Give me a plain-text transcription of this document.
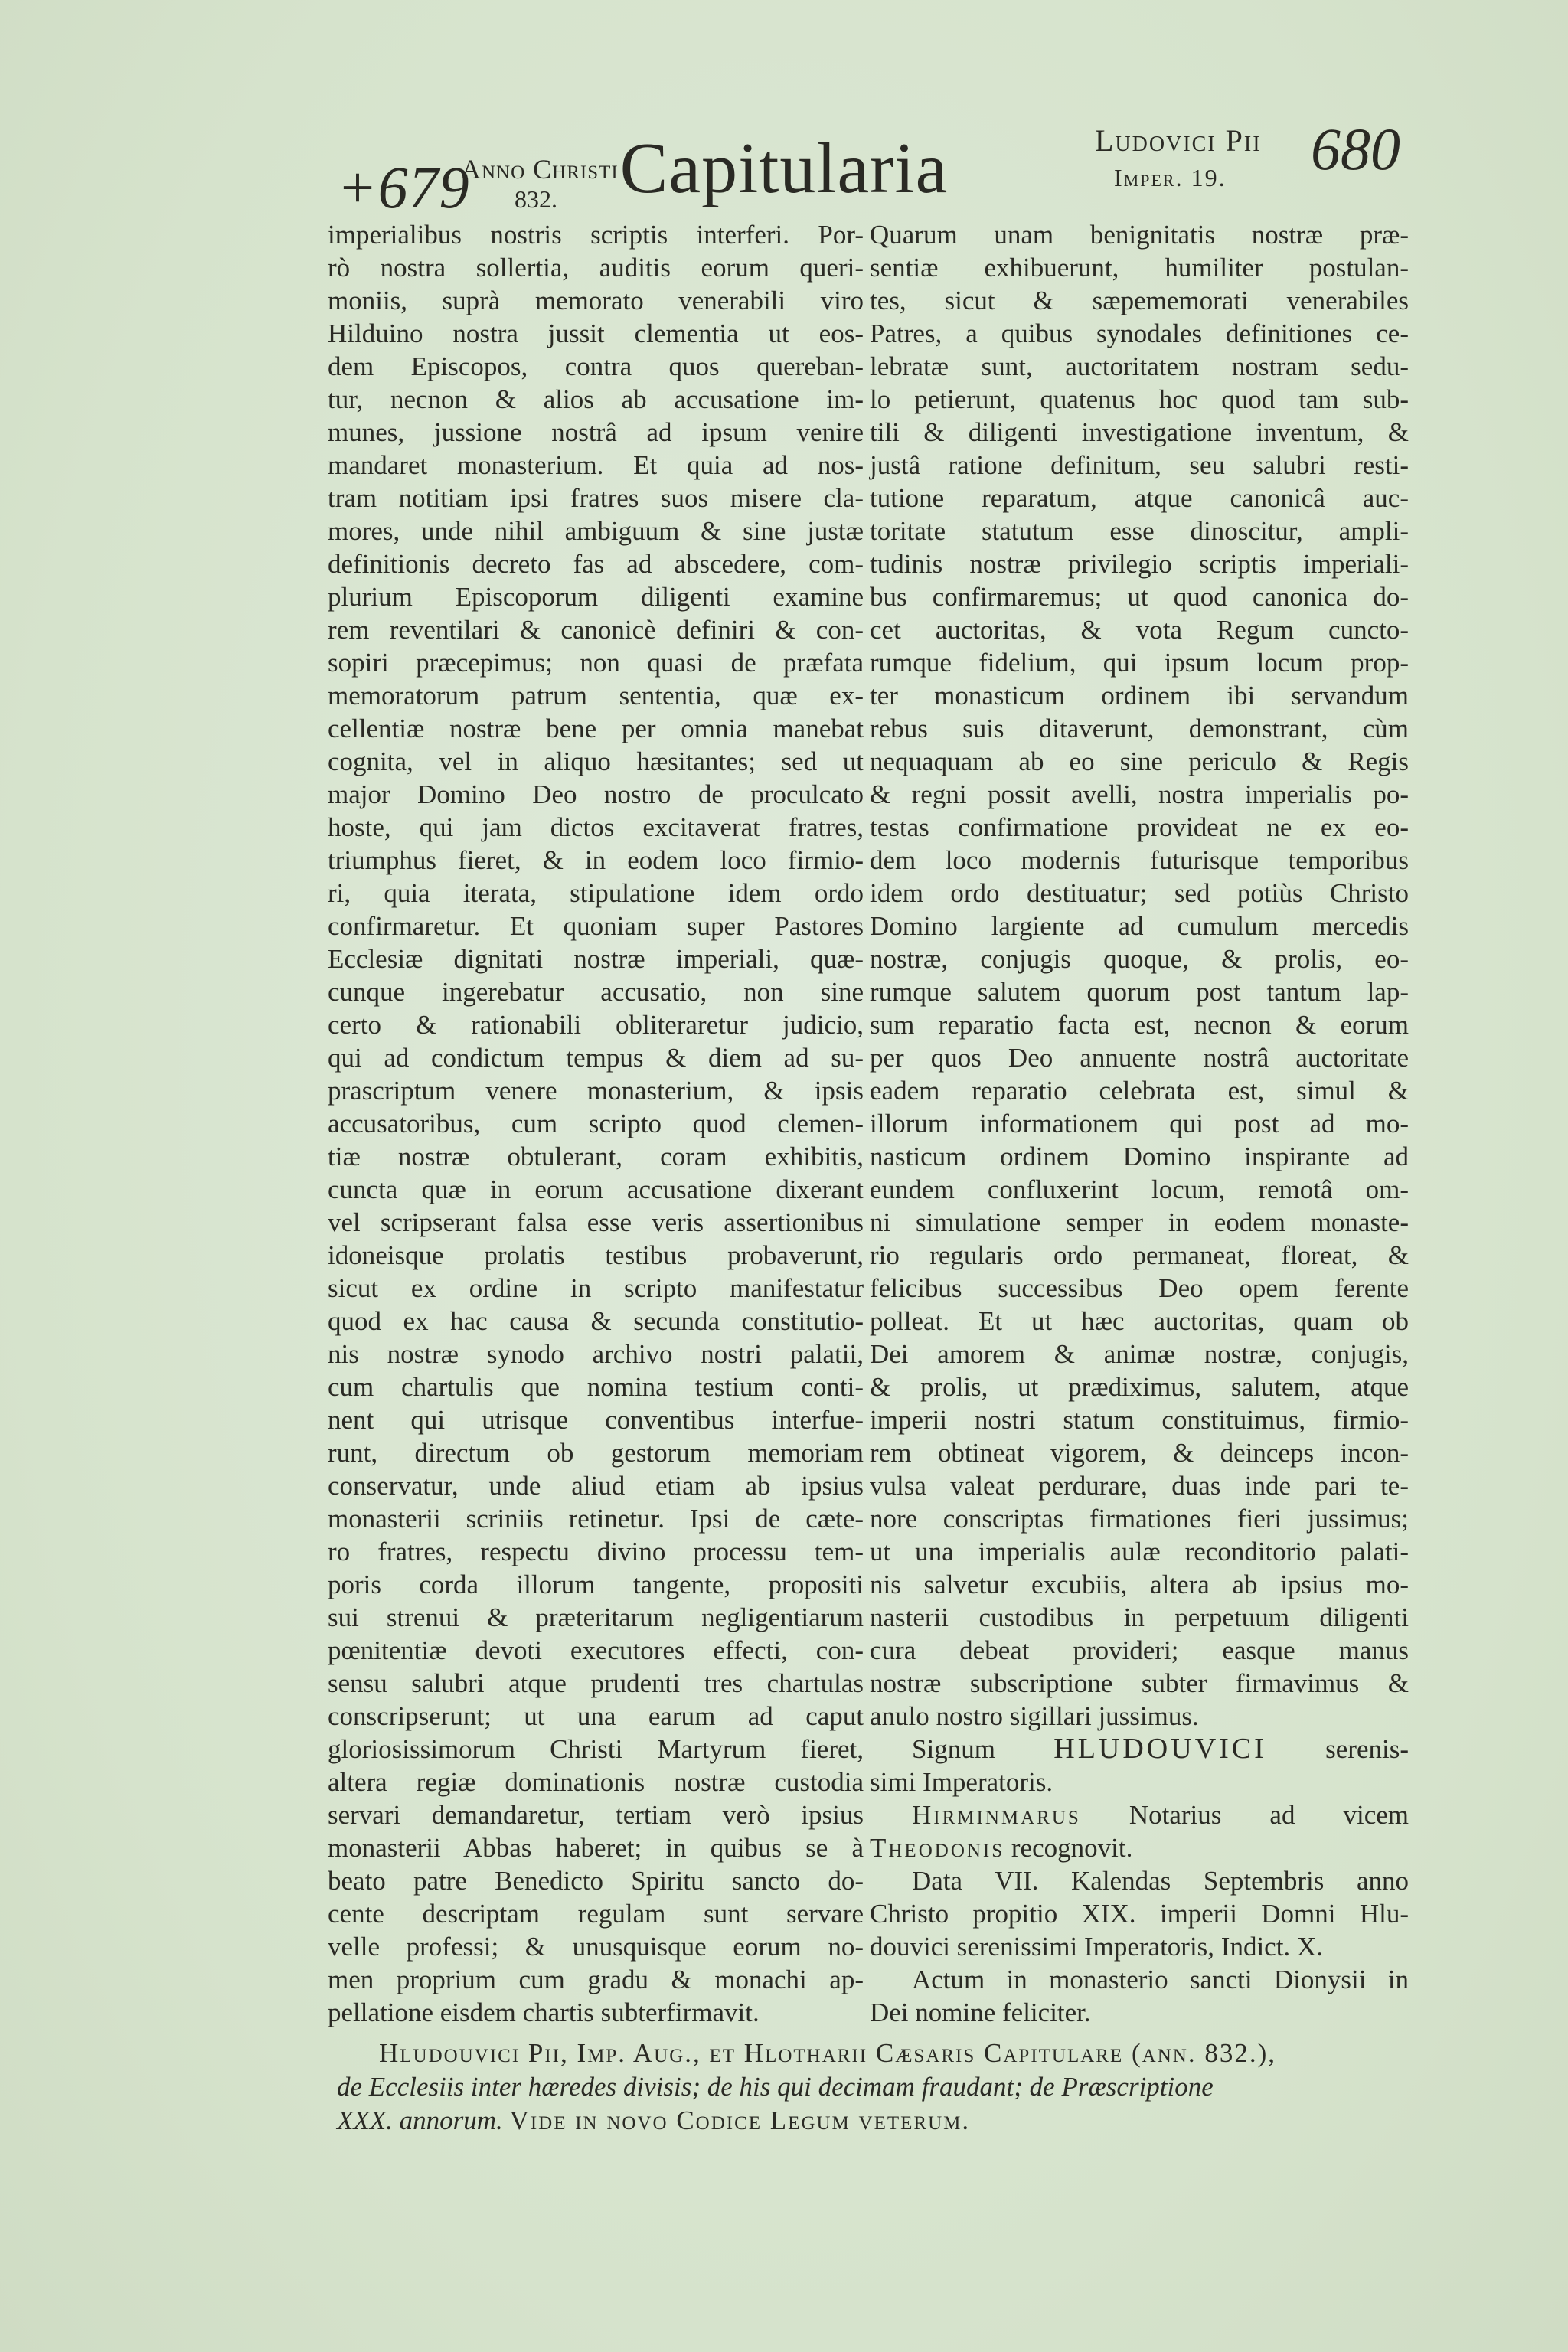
+679
Anno Christi
832. Capitularia	Ludovici Pii
Imper. 19. 680
imperialibus nostris scriptis interferi. Por-
rò nostra sollertia, auditis eorum queri-
moniis, suprà memorato venerabili viro
Hilduino nostra jussit clementia ut eos-
dem Episcopos, contra quos quereban-
tur, necnon & alios ab accusatione im-
munes, jussione nostrâ ad ipsum venire
mandaret monasterium. Et quia ad nos-
tram notitiam ipsi fratres suos misere cla-
mores, unde nihil ambiguum & sine justæ
definitionis decreto fas ad abscedere, com-
plurium Episcoporum diligenti examine
rem reventilari & canonicè definiri & con-
sopiri præcepimus; non quasi de præfata
memoratorum patrum sententia, quæ ex-
cellentiæ nostræ bene per omnia manebat
cognita, vel in aliquo hæsitantes; sed ut
major Domino Deo nostro de proculcato
hoste, qui jam dictos excitaverat fratres,
triumphus fieret, & in eodem loco firmio-
ri, quia iterata, stipulatione idem ordo
confirmaretur. Et quoniam super Pastores
Ecclesiæ dignitati nostræ imperiali, quæ-
cunque ingerebatur accusatio, non sine
certo & rationabili obliteraretur judicio,
qui ad condictum tempus & diem ad su-
prascriptum venere monasterium, & ipsis
accusatoribus, cum scripto quod clemen-
tiæ nostræ obtulerant, coram exhibitis,
cuncta quæ in eorum accusatione dixerant
vel scripserant falsa esse veris assertionibus
idoneisque prolatis testibus probaverunt,
sicut ex ordine in scripto manifestatur
quod ex hac causa & secunda constitutio-
nis nostræ synodo archivo nostri palatii,
cum chartulis que nomina testium conti-
nent qui utrisque conventibus interfue-
runt, directum ob gestorum memoriam
conservatur, unde aliud etiam ab ipsius
monasterii scriniis retinetur. Ipsi de cæte-
ro fratres, respectu divino processu tem-
poris corda illorum tangente, propositi
sui strenui & præteritarum negligentiarum
pœnitentiæ devoti executores effecti, con-
sensu salubri atque prudenti tres chartulas
conscripserunt; ut una earum ad caput
gloriosissimorum Christi Martyrum fieret,
altera regiæ dominationis nostræ custodia
servari demandaretur, tertiam verò ipsius
monasterii Abbas haberet; in quibus se à
beato patre Benedicto Spiritu sancto do-
cente descriptam regulam sunt servare
velle professi; & unusquisque eorum no-
men proprium cum gradu & monachi ap-
pellatione eisdem chartis subterfirmavit.
Quarum unam benignitatis nostræ præ-
sentiæ exhibuerunt, humiliter postulan-
tes, sicut & sæpememorati venerabiles
Patres, a quibus synodales definitiones ce-
lebratæ sunt, auctoritatem nostram sedu-
lo petierunt, quatenus hoc quod tam sub-
tili & diligenti investigatione inventum, &
justâ ratione definitum, seu salubri resti-
tutione reparatum, atque canonicâ auc-
toritate statutum esse dinoscitur, ampli-
tudinis nostræ privilegio scriptis imperiali-
bus confirmaremus; ut quod canonica do-
cet auctoritas, & vota Regum cuncto-
rumque fidelium, qui ipsum locum prop-
ter monasticum ordinem ibi servandum
rebus suis ditaverunt, demonstrant, cùm
nequaquam ab eo sine periculo & Regis
& regni possit avelli, nostra imperialis po-
testas confirmatione provideat ne ex eo-
dem loco modernis futurisque temporibus
idem ordo destituatur; sed potiùs Christo
Domino largiente ad cumulum mercedis
nostræ, conjugis quoque, & prolis, eo-
rumque salutem quorum post tantum lap-
sum reparatio facta est, necnon & eorum
per quos Deo annuente nostrâ auctoritate
eadem reparatio celebrata est, simul &
illorum informationem qui post ad mo-
nasticum ordinem Domino inspirante ad
eundem confluxerint locum, remotâ om-
ni simulatione semper in eodem monaste-
rio regularis ordo permaneat, floreat, &
felicibus successibus Deo opem ferente
polleat. Et ut hæc auctoritas, quam ob
Dei amorem & animæ nostræ, conjugis,
& prolis, ut prædiximus, salutem, atque
imperii nostri statum constituimus, firmio-
rem obtineat vigorem, & deinceps incon-
vulsa valeat perdurare, duas inde pari te-
nore conscriptas firmationes fieri jussimus;
ut una imperialis aulæ reconditorio palati-
nis salvetur excubiis, altera ab ipsius mo-
nasterii custodibus in perpetuum diligenti
cura debeat provideri; easque manus
nostræ subscriptione subter firmavimus &
anulo nostro sigillari jussimus.
Signum HLUDOUVICI serenis-
simi Imperatoris.
Hirminmarus Notarius ad vicem
Theodonis recognovit.
Data VII. Kalendas Septembris anno
Christo propitio XIX. imperii Domni Hlu-
douvici serenissimi Imperatoris, Indict. X.
Actum in monasterio sancti Dionysii in
Dei nomine feliciter.
Hludouvici Pii, Imp. Aug., et Hlotharii Cæsaris Capitulare (ann. 832.),
de Ecclesiis inter hæredes divisis; de his qui decimam fraudant; de Præscriptione
XXX. annorum. Vide in novo Codice Legum veterum.
